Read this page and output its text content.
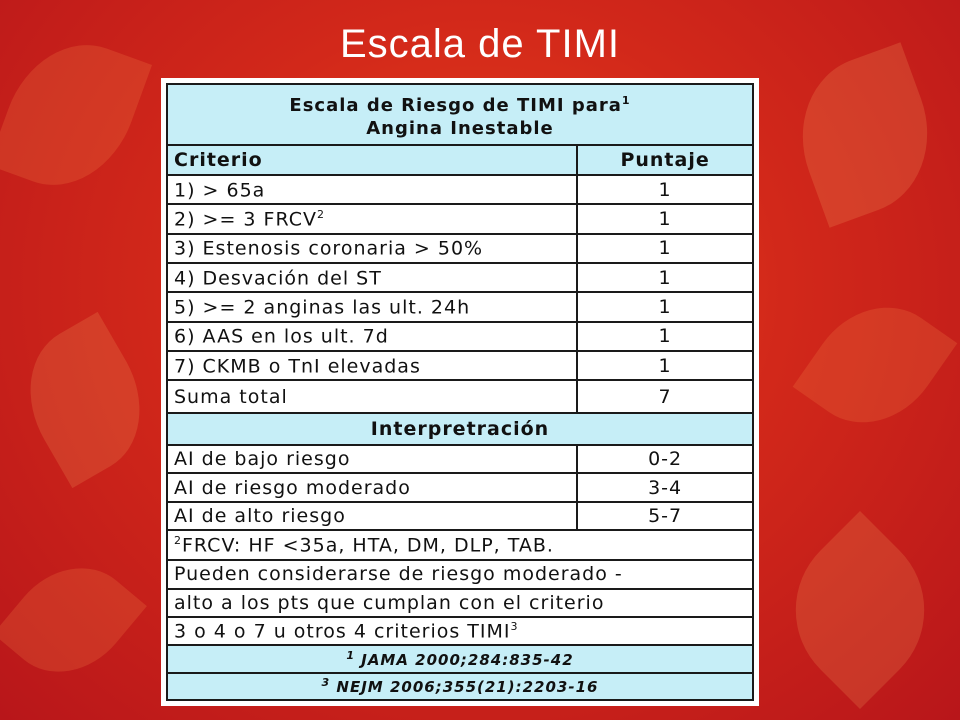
Escala de TIMI
Escala de Riesgo de TIMI para$^1$
Angina Inestable	
Criterio	Puntaje
1) > 65a	1
2) >= 3 FRCV$^2$	1
3) Estenosis coronaria > 50%	1
4) Desvación del ST	1
5) >= 2 anginas las ult. 24h	1
6) AAS en los ult. 7d	1
7) CKMB o TnI elevadas	1
Suma total	7
Interpretración	
AI de bajo riesgo	0-2
AI de riesgo moderado	3-4
AI de alto riesgo	5-7
$^2$FRCV: HF <35a, HTA, DM, DLP, TAB.	
Pueden considerarse de riesgo moderado -	
alto a los pts que cumplan con el criterio	
3 o 4 o 7 u otros 4 criterios TIMI$^3$
$^1$ JAMA 2000;284:835-42	
$^3$ NEJM 2006;355(21):2203-16	
